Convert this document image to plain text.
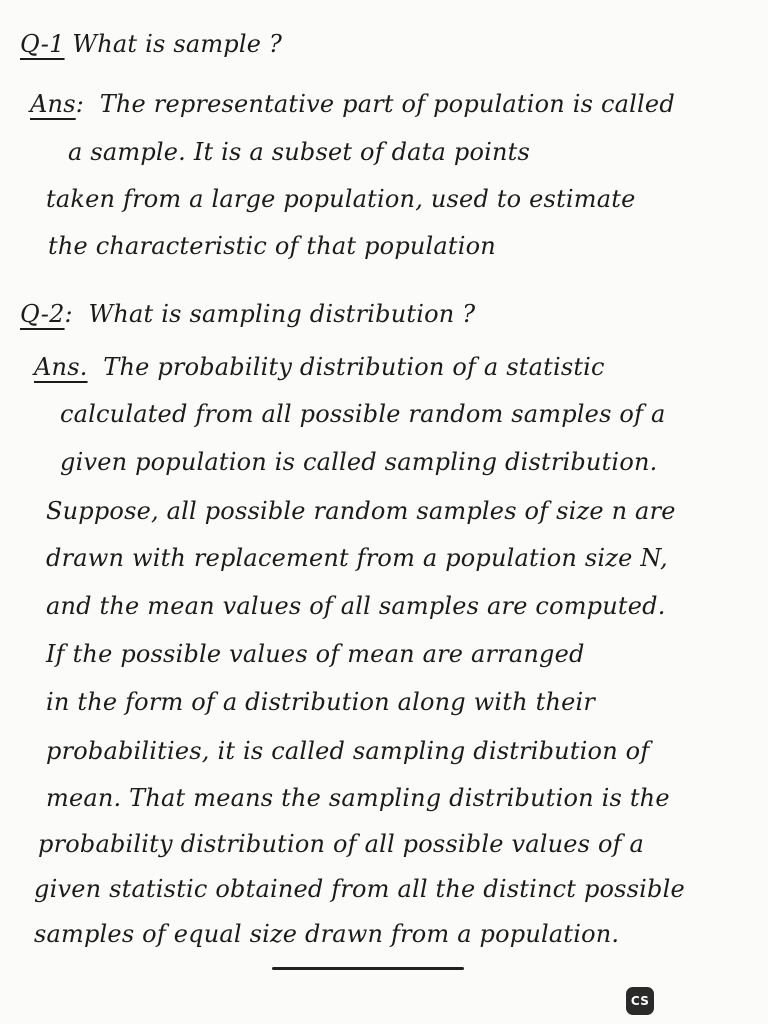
Q-1 What is sample ?
Ans:  The representative part of population is called
a sample. It is a subset of data points
taken from a large population, used to estimate
the characteristic of that population
Q-2:  What is sampling distribution ?
Ans. The probability distribution of a statistic
calculated from all possible random samples of a
given population is called sampling distribution.
Suppose, all possible random samples of size n are
drawn with replacement from a population size N,
and the mean values of all samples are computed.
If the possible values of mean are arranged
in the form of a distribution along with their
probabilities, it is called sampling distribution of
mean. That means the sampling distribution is the
probability distribution of all possible values of a
given statistic obtained from all the distinct possible
samples of equal size drawn from a population.
CS
